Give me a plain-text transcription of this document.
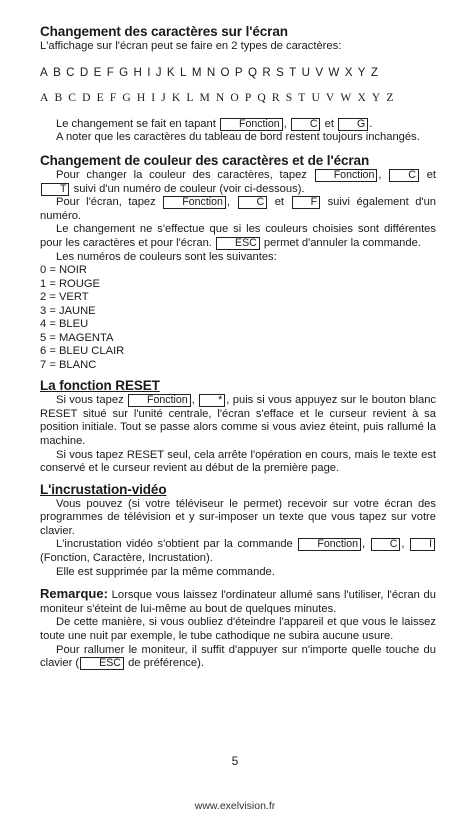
Changement des caractères sur l'écran

L'affichage sur l'écran peut se faire en 2 types de caractères:

ABCDEFGHIJKLMNOPQRSTUVWXYZ

ABCDEFGHIJKLMNOPQRSTUVWXYZ

Le changement se fait en tapant Fonction , C et G .

A noter que les caractères du tableau de bord restent toujours inchangés.

Changement de couleur des caractères et de l'écran

Pour changer la couleur des caractères, tapez	Fonction , C et T suivi d'un numéro de couleur (voir ci-dessous).

Pour l'écran, tapez	Fonction , C et	F suivi également d'un numéro.

Le changement ne s'effectue que si les couleurs choisies sont différentes pour les caractères et pour l'écran. ESC permet d'annuler la commande.

Les numéros de couleurs sont les suivantes:

0 = NOIR
1 = ROUGE
2 = VERT
3 = JAUNE
4 = BLEU
5 = MAGENTA
6 = BLEU CLAIR
7 = BLANC
La fonction RESET

Si vous tapez Fonction , * , puis si vous appuyez sur le bouton blanc RESET situé sur l'unité centrale, l'écran s'efface et le curseur revient à sa position initiale. Tout se passe alors comme si vous aviez éteint, puis rallumé la machine.

Si vous tapez RESET seul, cela arrête l'opération en cours, mais le texte est conservé et le curseur revient au début de la première page.

L'incrustation-vidéo

Vous pouvez (si votre téléviseur le permet) recevoir sur votre écran des programmes de télévision et y sur-imposer un texte que vous tapez sur votre clavier.

L'incrustation vidéo s'obtient par la commande Fonction , C , I (Fonction, Caractère, Incrustation).

Elle est supprimée par la même commande.

Remarque: Lorsque vous laissez l'ordinateur allumé sans l'utiliser, l'écran du moniteur s'éteint de lui-même au bout de quelques minutes.

De cette manière, si vous oubliez d'éteindre l'appareil et que vous le laissez toute une nuit par exemple, le tube cathodique ne subira aucune usure.

Pour rallumer le moniteur, il suffit d'appuyer sur n'importe quelle touche du clavier ( ESC de préférence).

5
www.exelvision.fr
